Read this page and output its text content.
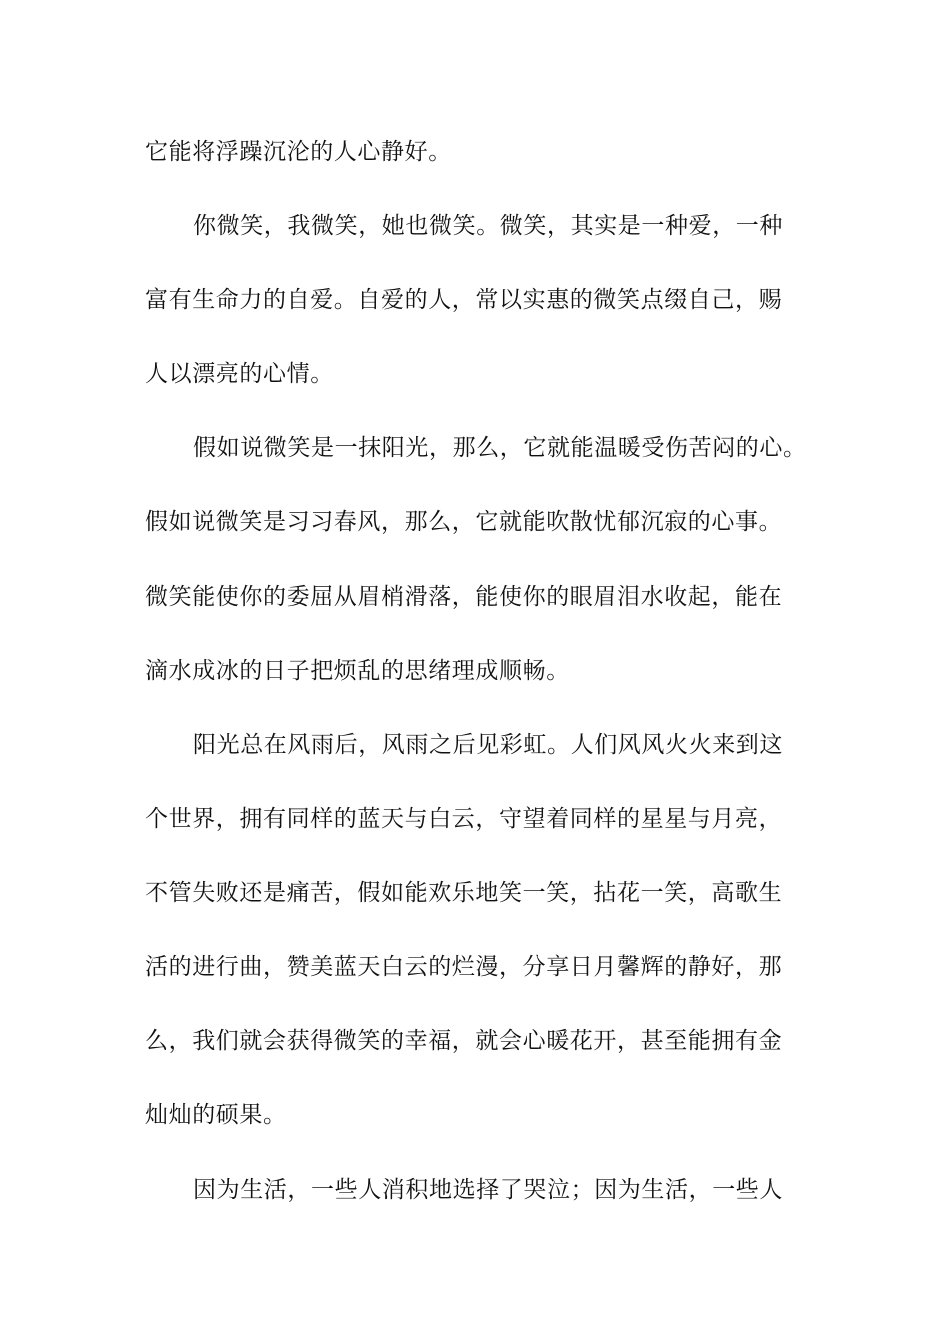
它能将浮躁沉沦的人心静好。
你微笑，我微笑，她也微笑。微笑，其实是一种爱，一种
富有生命力的自爱。自爱的人，常以实惠的微笑点缀自己，赐
人以漂亮的心情。
假如说微笑是一抹阳光，那么，它就能温暖受伤苦闷的心。
假如说微笑是习习春风，那么，它就能吹散忧郁沉寂的心事。
微笑能使你的委屈从眉梢滑落，能使你的眼眉泪水收起，能在
滴水成冰的日子把烦乱的思绪理成顺畅。
阳光总在风雨后，风雨之后见彩虹。人们风风火火来到这
个世界，拥有同样的蓝天与白云，守望着同样的星星与月亮，
不管失败还是痛苦，假如能欢乐地笑一笑，拈花一笑，高歌生
活的进行曲，赞美蓝天白云的烂漫，分享日月馨辉的静好，那
么，我们就会获得微笑的幸福，就会心暖花开，甚至能拥有金
灿灿的硕果。
因为生活，一些人消积地选择了哭泣；因为生活，一些人
